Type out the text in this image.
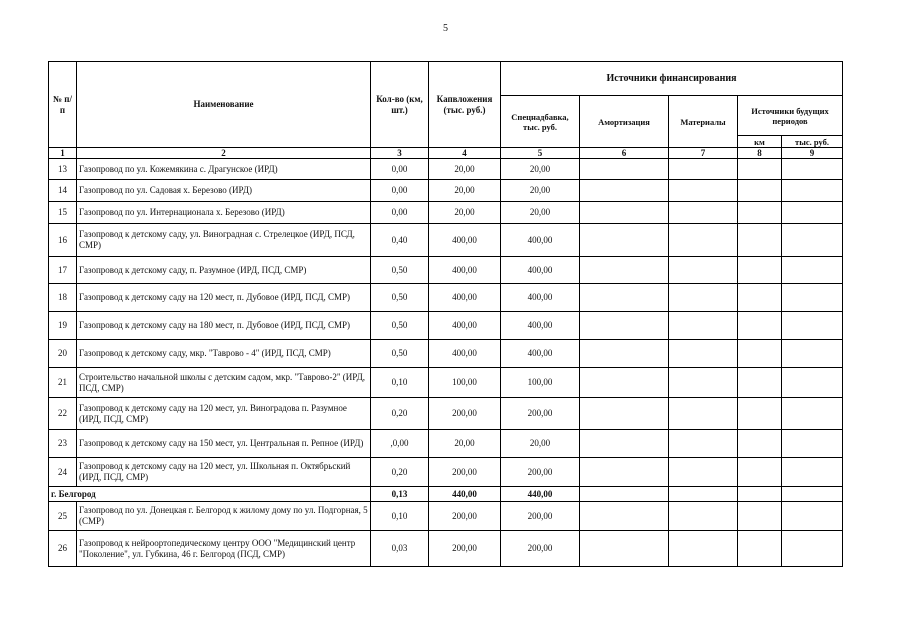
5
№ п/п	Наименование	Кол-во (км, шт.)	Капвложения (тыс. руб.)	Источники финансирования				
				Спецнадбавка, тыс. руб.	Амортизация	Материалы	Источники будущих периодов	
							км	тыс. руб.
1	2	3	4	5	6	7	8	9
13	Газопровод по ул. Кожемякина с. Драгунское (ИРД)	0,00	20,00	20,00				
14	Газопровод по ул. Садовая х. Березово (ИРД)	0,00	20,00	20,00				
15	Газопровод по ул. Интернационала х. Березово (ИРД)	0,00	20,00	20,00				
16	Газопровод к детскому саду, ул. Виноградная с. Стрелецкое (ИРД, ПСД, СМР)	0,40	400,00	400,00				
17	Газопровод к детскому саду, п. Разумное (ИРД, ПСД, СМР)	0,50	400,00	400,00				
18	Газопровод к детскому саду на 120 мест, п. Дубовое (ИРД, ПСД, СМР)	0,50	400,00	400,00				
19	Газопровод к детскому саду на 180 мест, п. Дубовое (ИРД, ПСД, СМР)	0,50	400,00	400,00				
20	Газопровод к детскому саду, мкр. "Таврово - 4" (ИРД, ПСД, СМР)	0,50	400,00	400,00				
21	Строительство начальной школы с детским садом, мкр. "Таврово-2" (ИРД, ПСД, СМР)	0,10	100,00	100,00				
22	Газопровод к детскому саду на 120 мест, ул. Виноградова п. Разумное (ИРД, ПСД, СМР)	0,20	200,00	200,00				
23	Газопровод к детскому саду на 150 мест, ул. Центральная п. Репное (ИРД)	,0,00	20,00	20,00				
24	Газопровод к детскому саду на 120 мест, ул. Школьная п. Октябрьский (ИРД, ПСД, СМР)	0,20	200,00	200,00				
г. Белгород		0,13	440,00	440,00				
25	Газопровод по ул. Донецкая г. Белгород к жилому дому по ул. Подгорная, 5 (СМР)	0,10	200,00	200,00				
26	Газопровод к нейроортопедическому центру ООО "Медицинский центр "Поколение", ул. Губкина, 46 г. Белгород (ПСД, СМР)	0,03	200,00	200,00				
